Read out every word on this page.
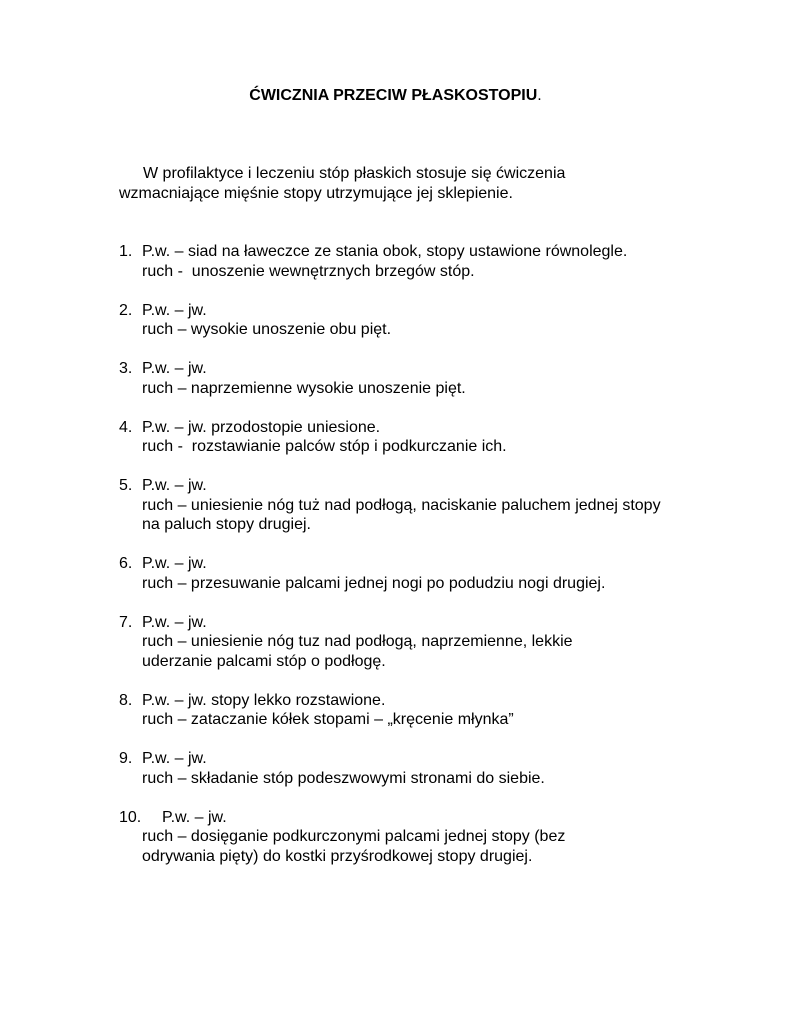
ĆWICZNIA PRZECIW PŁASKOSTOPIU.
W profilaktyce i leczeniu stóp płaskich stosuje się ćwiczenia
wzmacniające mięśnie stopy utrzymujące jej sklepienie.
1. P.w. – siad na ławeczce ze stania obok, stopy ustawione równolegle.
ruch -  unoszenie wewnętrznych brzegów stóp.
2. P.w. – jw.
ruch – wysokie unoszenie obu pięt.
3. P.w. – jw.
ruch – naprzemienne wysokie unoszenie pięt.
4. P.w. – jw. przodostopie uniesione.
ruch -  rozstawianie palców stóp i podkurczanie ich.
5. P.w. – jw.
ruch – uniesienie nóg tuż nad podłogą, naciskanie paluchem jednej stopy na paluch stopy drugiej.
6. P.w. – jw.
ruch – przesuwanie palcami jednej nogi po podudziu nogi drugiej.
7. P.w. – jw.
ruch – uniesienie nóg tuz nad podłogą, naprzemienne, lekkie uderzanie palcami stóp o podłogę.
8. P.w. – jw. stopy lekko rozstawione.
ruch – zataczanie kółek stopami – „kręcenie młynka”
9. P.w. – jw.
ruch – składanie stóp podeszwowymi stronami do siebie.
10.	P.w. – jw.
ruch – dosięganie podkurczonymi palcami jednej stopy (bez odrywania pięty) do kostki przyśrodkowej stopy drugiej.
